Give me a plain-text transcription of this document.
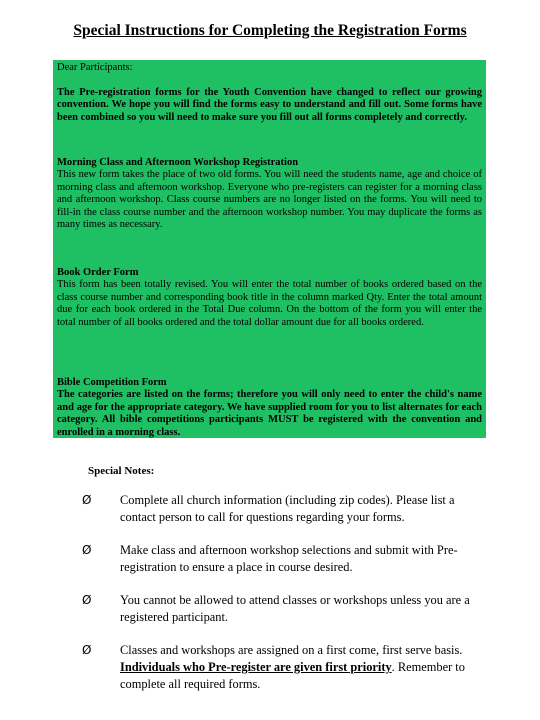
Special Instructions for Completing the Registration Forms

Dear Participants:

The Pre-registration forms for the Youth Convention have changed to reflect our growing convention. We hope you will find the forms easy to understand and fill out. Some forms have been combined so you will need to make sure you fill out all forms completely and correctly.

Morning Class and Afternoon Workshop Registration

This new form takes the place of two old forms. You will need the students name, age and choice of morning class and afternoon workshop. Everyone who pre-registers can register for a morning class and afternoon workshop. Class course numbers are no longer listed on the forms. You will need to fill-in the class course number and the afternoon workshop number. You may duplicate the forms as many times as necessary.

Book Order Form

This form has been totally revised. You will enter the total number of books ordered based on the class course number and corresponding book title in the column marked Qty. Enter the total amount due for each book ordered in the Total Due column. On the bottom of the form you will enter the total number of all books ordered and the total dollar amount due for all books ordered.

Bible Competition Form

The categories are listed on the forms; therefore you will only need to enter the child's name and age for the appropriate category. We have supplied room for you to list alternates for each category. All bible competitions participants MUST be registered with the convention and enrolled in a morning class.

Special Notes:

Ø Complete all church information (including zip codes). Please list a contact person to call for questions regarding your forms.
Ø Make class and afternoon workshop selections and submit with Pre-registration to ensure a place in course desired.
Ø You cannot be allowed to attend classes or workshops unless you are a registered participant.
Ø Classes and workshops are assigned on a first come, first serve basis. Individuals who Pre-register are given first priority. Remember to complete all required forms.
